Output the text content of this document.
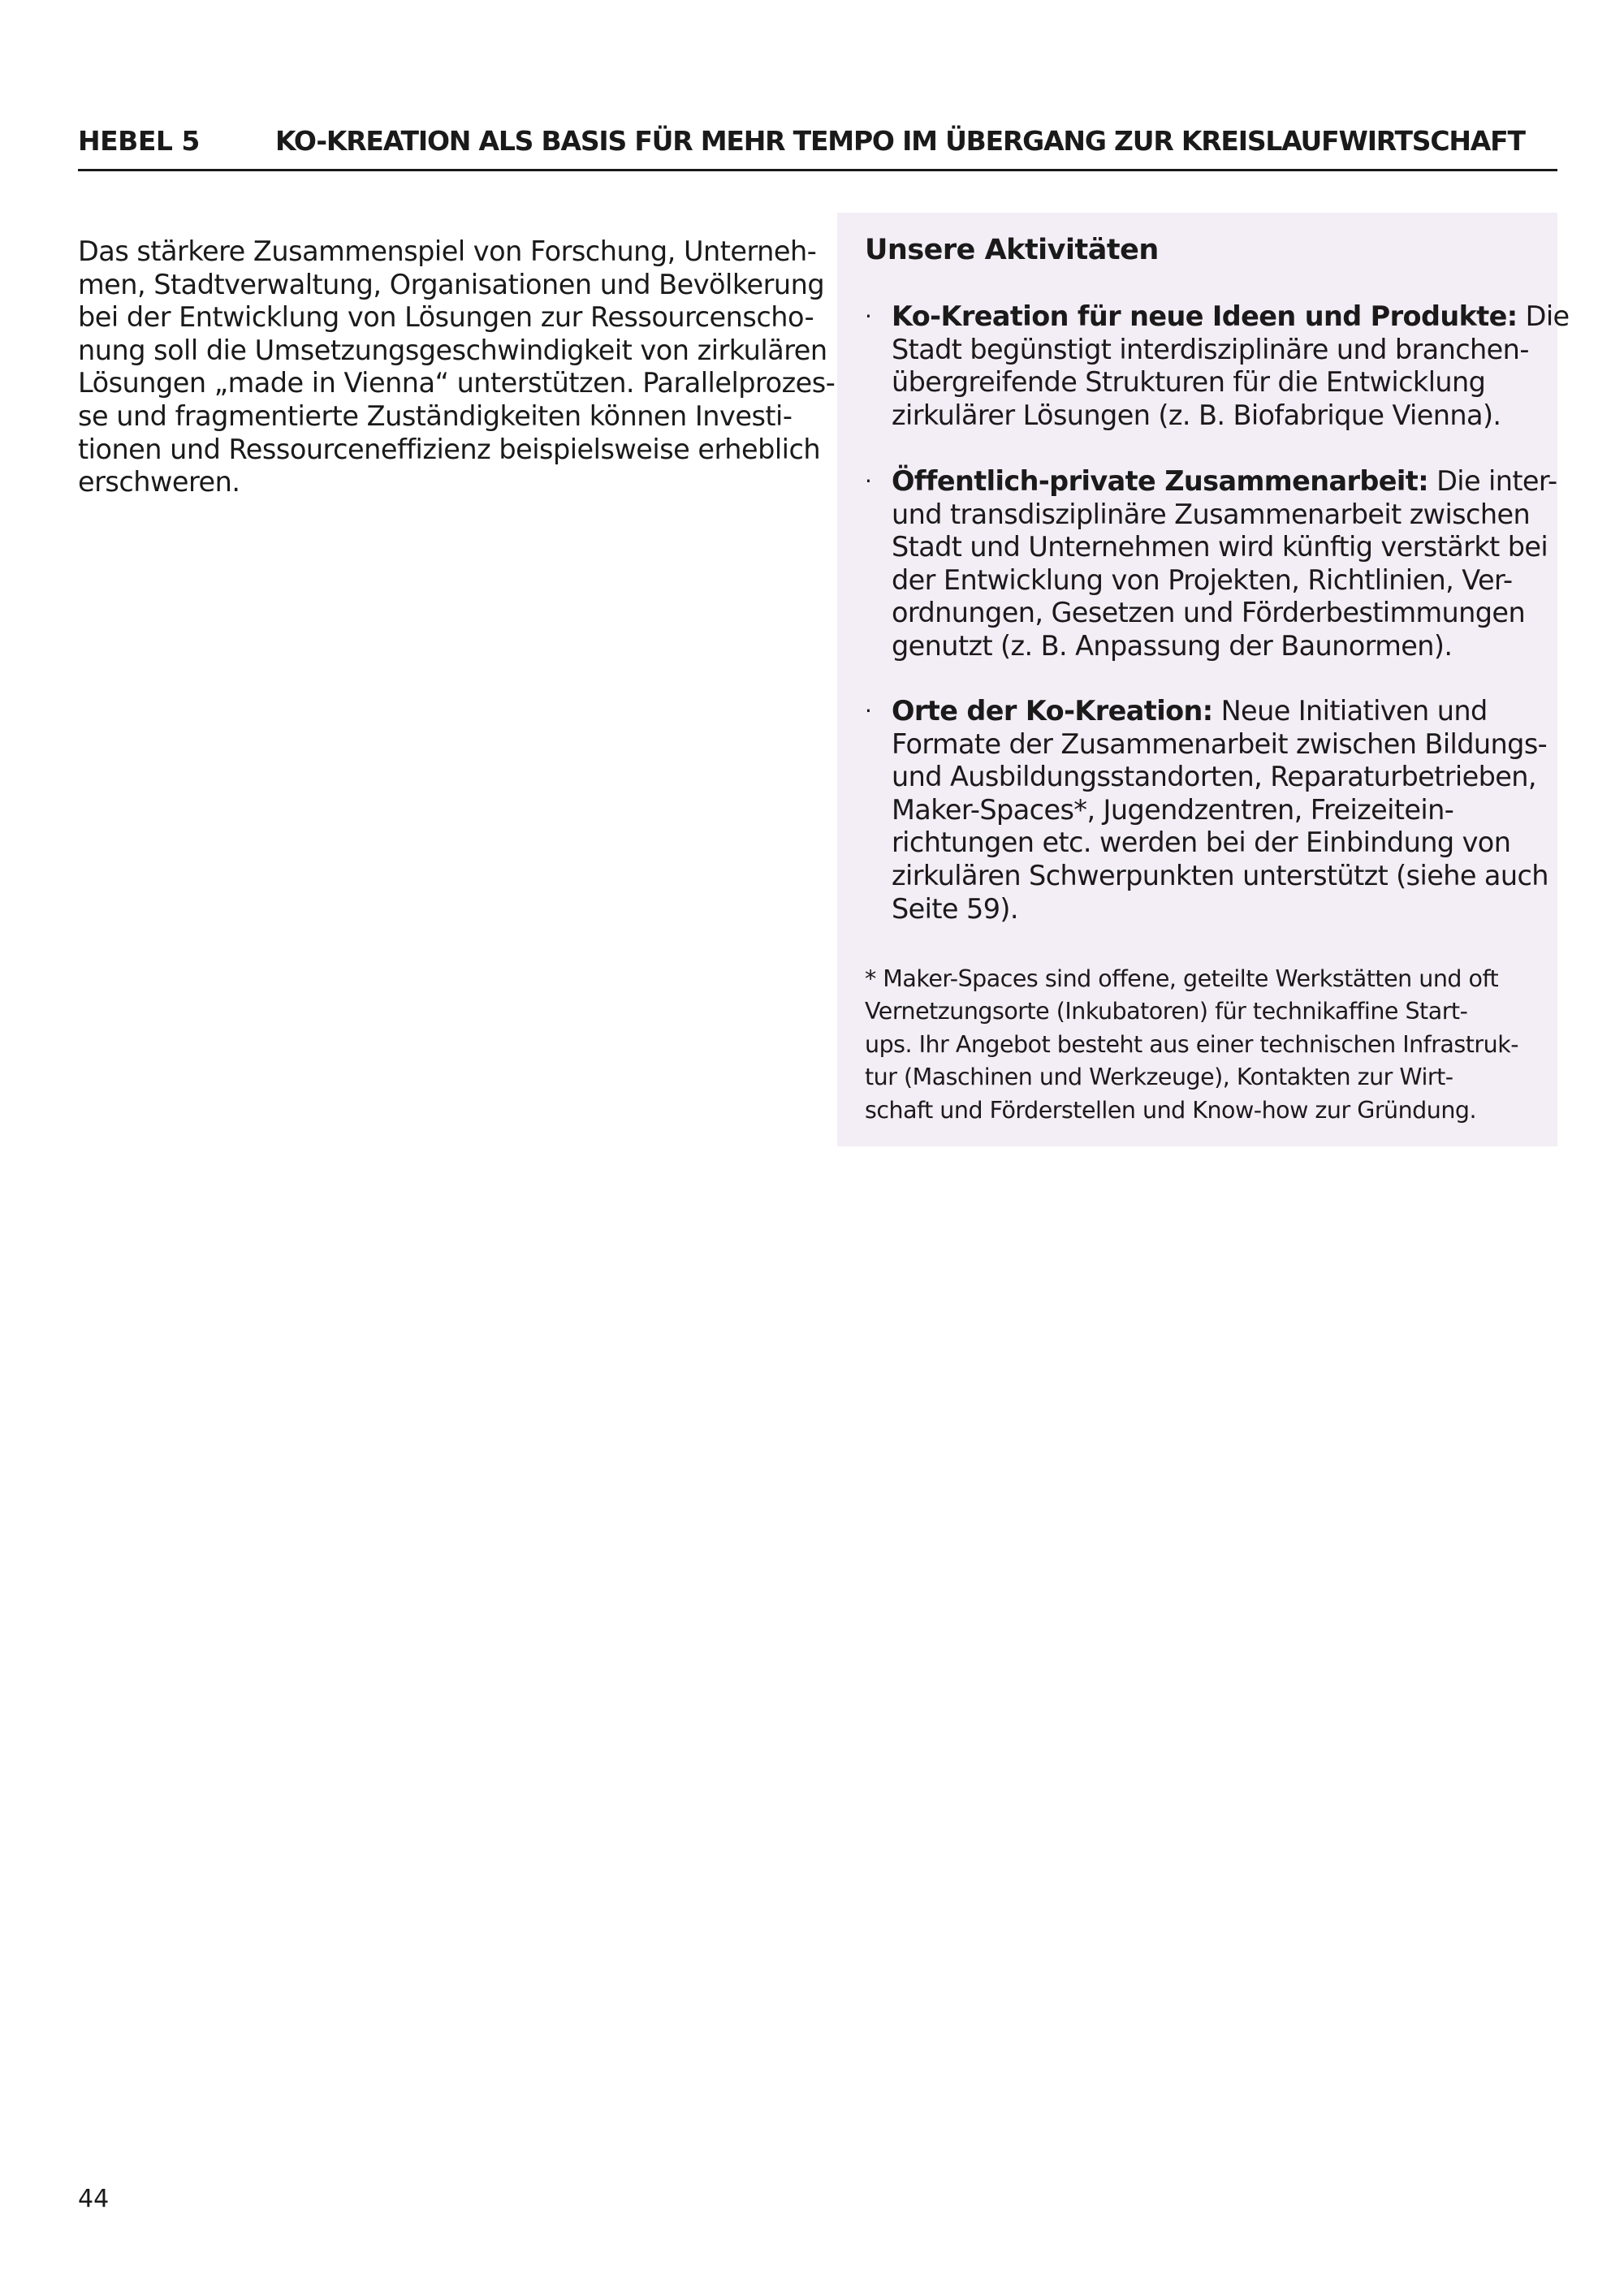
HEBEL 5	KO-KREATION ALS BASIS FÜR MEHR TEMPO IM ÜBERGANG ZUR KREISLAUFWIRTSCHAFT
Das stärkere Zusammenspiel von Forschung, Unterneh-
men, Stadtverwaltung, Organisationen und Bevölkerung
bei der Entwicklung von Lösungen zur Ressourcenscho-
nung soll die Umsetzungsgeschwindigkeit von zirkulären
Lösungen „made in Vienna“ unterstützen. Parallelprozes-
se und fragmentierte Zuständigkeiten können Investi-
tionen und Ressourceneffizienz beispielsweise erheblich
erschweren.
Unsere Aktivitäten
· Ko-Kreation für neue Ideen und Produkte: Die
Stadt begünstigt interdisziplinäre und branchen-
übergreifende Strukturen für die Entwicklung
zirkulärer Lösungen (z. B. Biofabrique Vienna).
· Öffentlich-private Zusammenarbeit: Die inter-
und transdisziplinäre Zusammenarbeit zwischen
Stadt und Unternehmen wird künftig verstärkt bei
der Entwicklung von Projekten, Richtlinien, Ver-
ordnungen, Gesetzen und Förderbestimmungen
genutzt (z. B. Anpassung der Baunormen).
· Orte der Ko-Kreation: Neue Initiativen und
Formate der Zusammenarbeit zwischen Bildungs-
und Ausbildungsstandorten, Reparaturbetrieben,
Maker-Spaces*, Jugendzentren, Freizeitein-
richtungen etc. werden bei der Einbindung von
zirkulären Schwerpunkten unterstützt (siehe auch
Seite 59).
* Maker-Spaces sind offene, geteilte Werkstätten und oft
Vernetzungsorte (Inkubatoren) für technikaffine Start-
ups. Ihr Angebot besteht aus einer technischen Infrastruk-
tur (Maschinen und Werkzeuge), Kontakten zur Wirt-
schaft und Förderstellen und Know-how zur Gründung.
44
